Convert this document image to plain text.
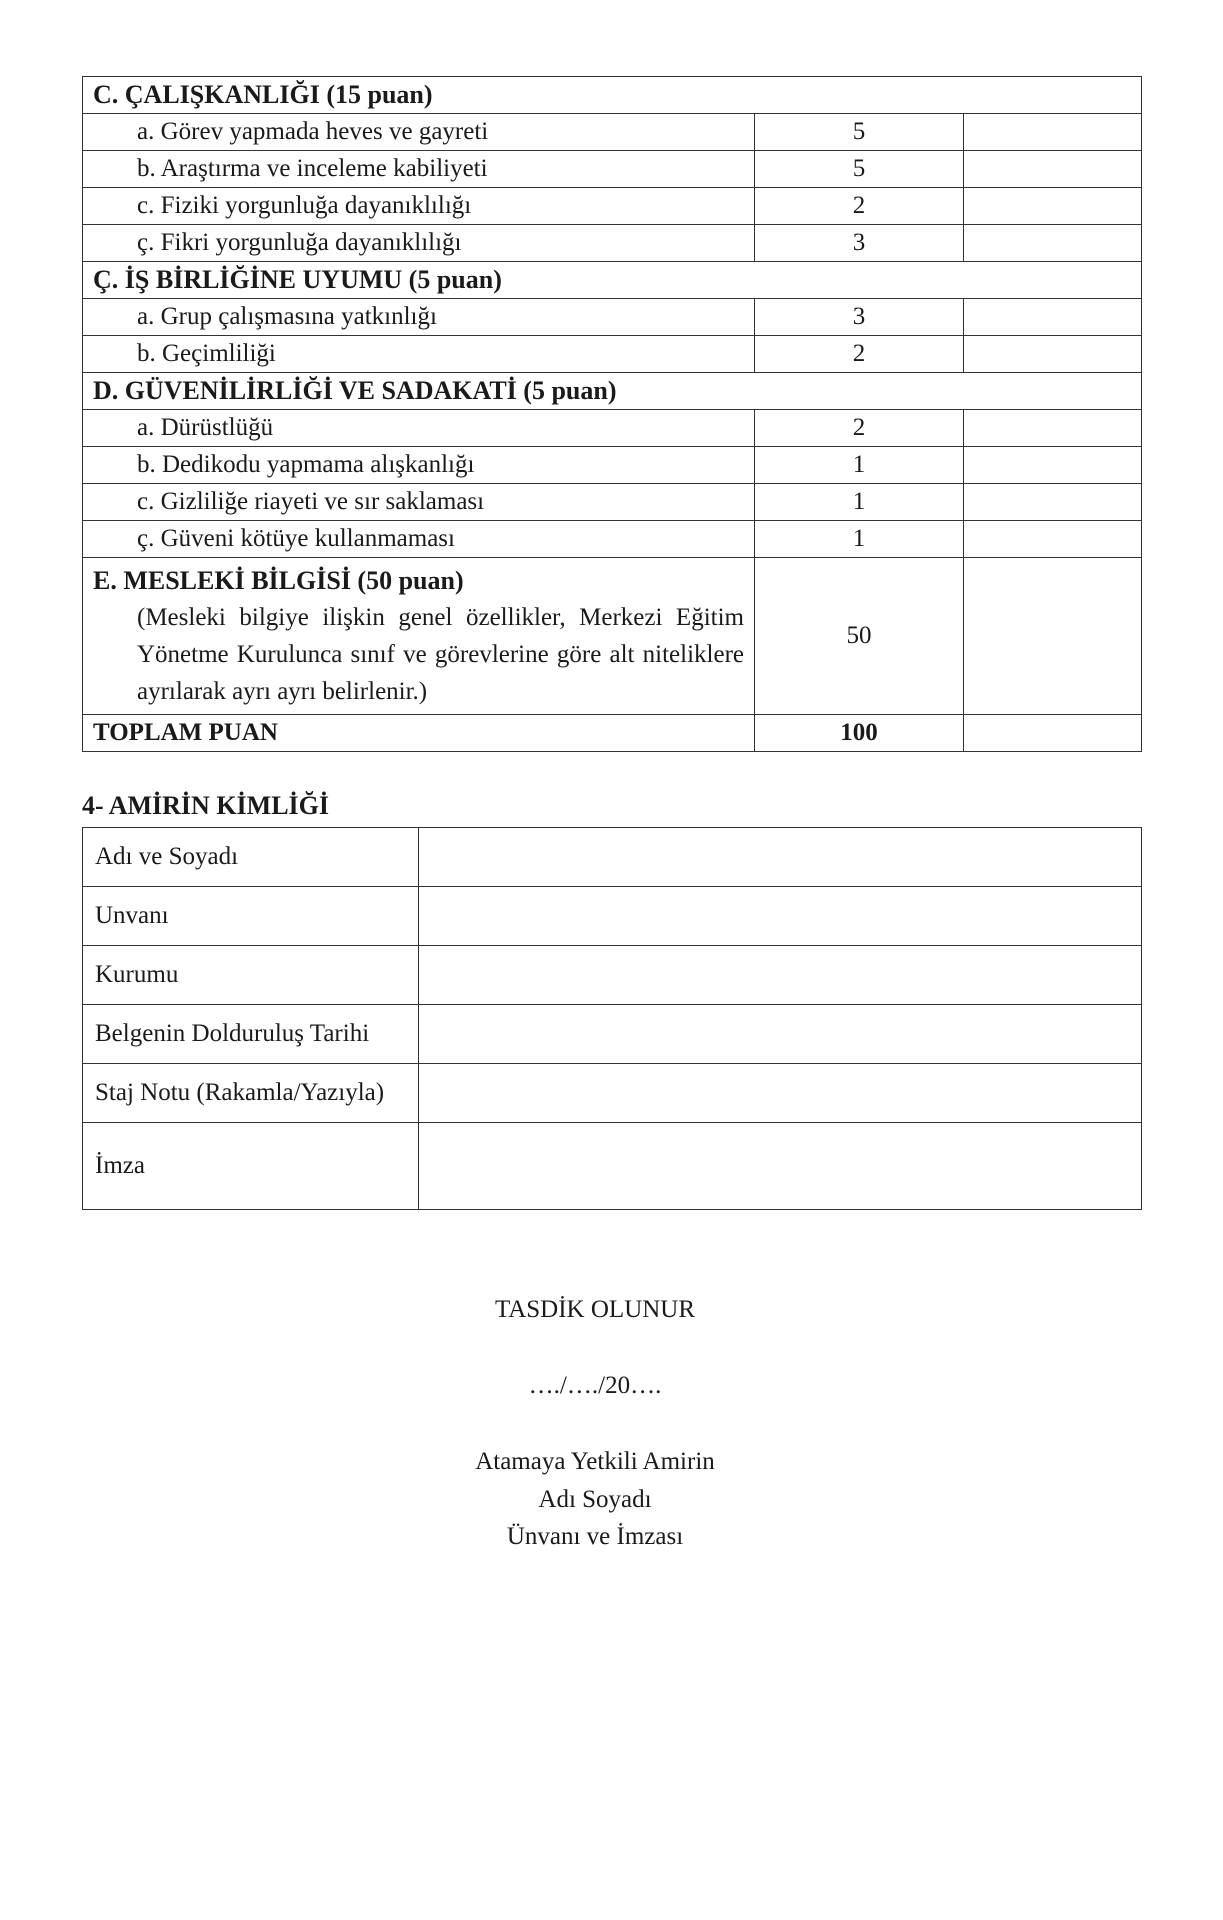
C. ÇALIŞKANLIĞI (15 puan)		
a. Görev yapmada heves ve gayreti	5	
b. Araştırma ve inceleme kabiliyeti	5	
c. Fiziki yorgunluğa dayanıklılığı	2	
ç. Fikri yorgunluğa dayanıklılığı	3	
Ç. İŞ BİRLİĞİNE UYUMU (5 puan)		
a. Grup çalışmasına yatkınlığı	3	
b. Geçimliliği	2	
D. GÜVENİLİRLİĞİ VE SADAKATİ (5 puan)		
a. Dürüstlüğü	2	
b. Dedikodu yapmama alışkanlığı	1	
c. Gizliliğe riayeti ve sır saklaması	1	
ç. Güveni kötüye kullanmaması	1	

E. MESLEKİ BİLGİSİ (50 puan)
(Mesleki bilgiye ilişkin genel özellikler, Merkezi Eğitim Yönetme Kurulunca sınıf ve görevlerine göre alt niteliklere ayrılarak ayrı ayrı belirlenir.)	50	
TOPLAM PUAN	100	
4- AMİRİN KİMLİĞİ
Adı ve Soyadı	
Unvanı	
Kurumu	
Belgenin Dolduruluş Tarihi	
Staj Notu (Rakamla/Yazıyla)	
İmza	
TASDİK OLUNUR
…./…./20….
Atamaya Yetkili Amirin
Adı Soyadı
Ünvanı ve İmzası
